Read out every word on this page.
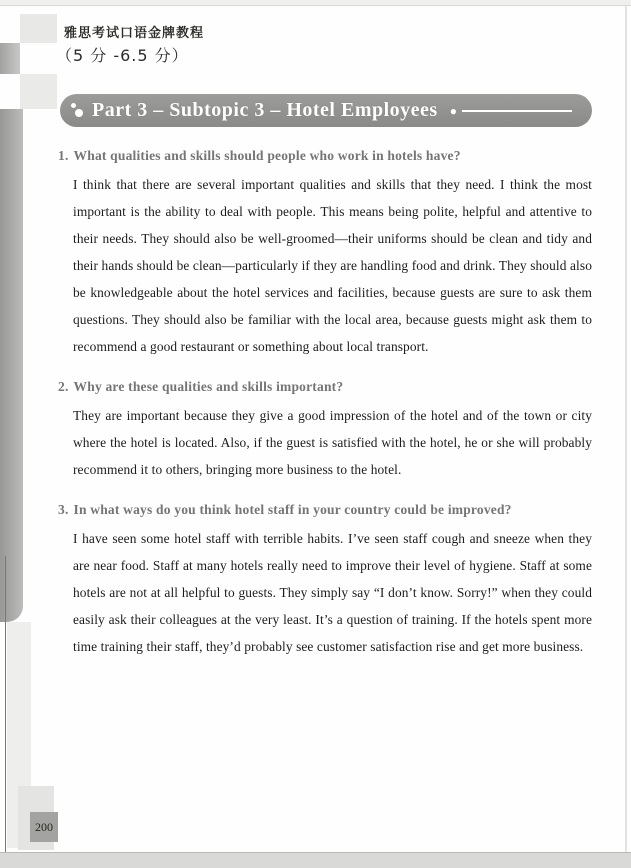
雅思考试口语金牌教程
（5 分 -6.5 分）
Part 3 – Subtopic 3 – Hotel Employees ●
1. What qualities and skills should people who work in hotels have?
I think that there are several important qualities and skills that they need. I think the most important is the ability to deal with people. This means being polite, helpful and attentive to their needs. They should also be well-groomed—their uniforms should be clean and tidy and their hands should be clean—particularly if they are handling food and drink. They should also be knowledgeable about the hotel services and facilities, because guests are sure to ask them questions. They should also be familiar with the local area, because guests might ask them to recommend a good restaurant or something about local transport.
2. Why are these qualities and skills important?
They are important because they give a good impression of the hotel and of the town or city where the hotel is located. Also, if the guest is satisfied with the hotel, he or she will probably recommend it to others, bringing more business to the hotel.
3. In what ways do you think hotel staff in your country could be improved?
I have seen some hotel staff with terrible habits. I’ve seen staff cough and sneeze when they are near food. Staff at many hotels really need to improve their level of hygiene. Staff at some hotels are not at all helpful to guests. They simply say “I don’t know. Sorry!” when they could easily ask their colleagues at the very least. It’s a question of training. If the hotels spent more time training their staff, they’d probably see customer satisfaction rise and get more business.
200
